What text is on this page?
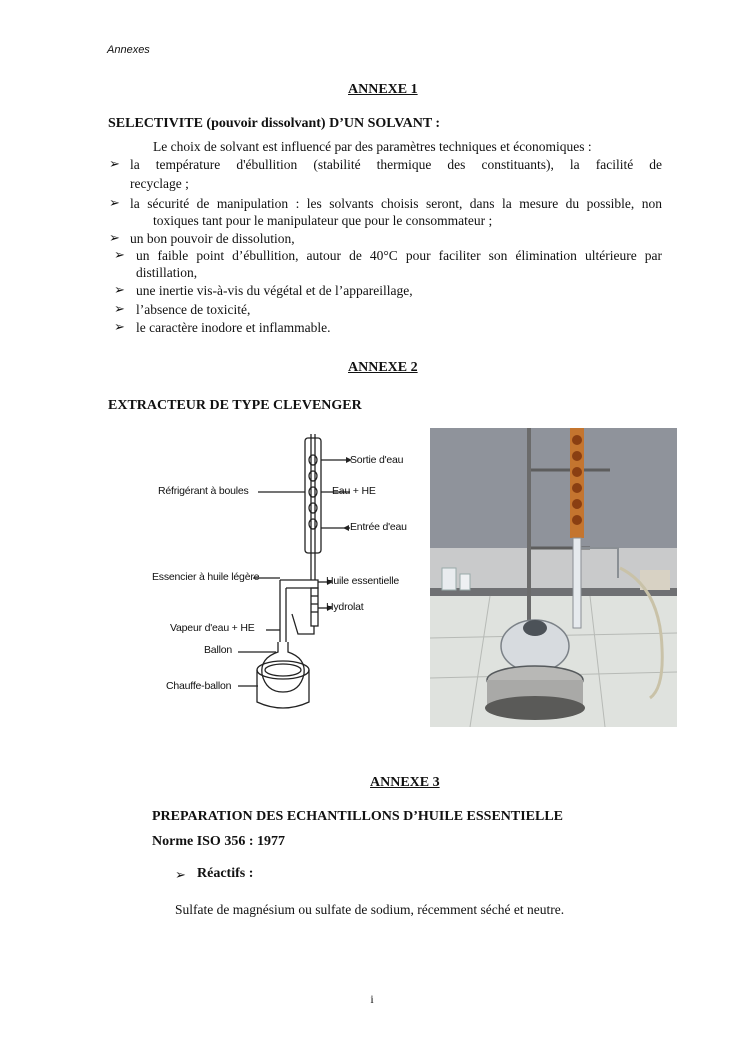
Annexes
ANNEXE 1
SELECTIVITE (pouvoir dissolvant) D’UN SOLVANT :
Le choix de solvant est influencé par des paramètres techniques et économiques :
➢ la température d'ébullition (stabilité thermique des constituants), la facilité de
recyclage ;
➢ la sécurité de manipulation : les solvants choisis seront, dans la mesure du possible, non
toxiques tant pour le manipulateur que pour le consommateur ;
➢ un bon pouvoir de dissolution,
➢ un faible point d’ébullition, autour de 40°C pour faciliter son élimination ultérieure par
distillation,
➢ une inertie vis-à-vis du végétal et de l’appareillage,
➢ l’absence de toxicité,
➢ le caractère inodore et inflammable.
ANNEXE 2
EXTRACTEUR DE TYPE CLEVENGER
Réfrigérant à boules
Sortie d'eau
Eau + HE
Entrée d'eau
Essencier à huile légère	Huile essentielle
Hydrolat
Vapeur d'eau + HE
Ballon
Chauffe-ballon
ANNEXE 3
PREPARATION DES ECHANTILLONS D’HUILE ESSENTIELLE
Norme ISO 356 : 1977
➢ Réactifs :
Sulfate de magnésium ou sulfate de sodium, récemment séché et neutre.
i
